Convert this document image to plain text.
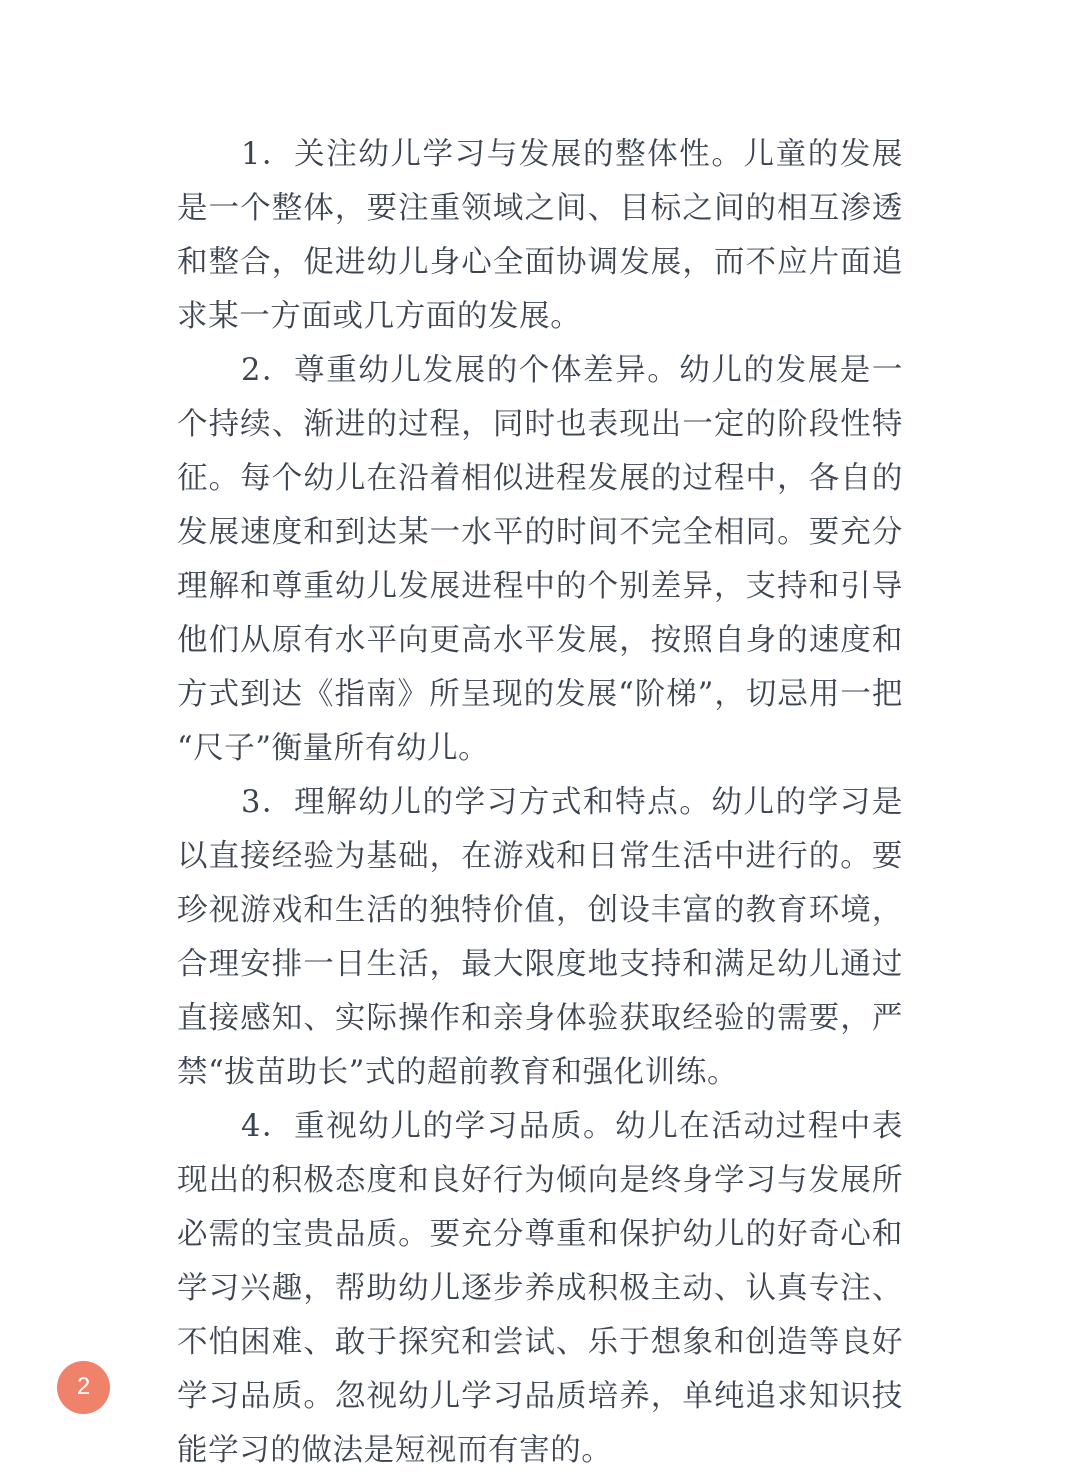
1．关注幼儿学习与发展的整体性。儿童的发展是一个整体，要注重领域之间、目标之间的相互渗透和整合，促进幼儿身心全面协调发展，而不应片面追求某一方面或几方面的发展。

2．尊重幼儿发展的个体差异。幼儿的发展是一个持续、渐进的过程，同时也表现出一定的阶段性特征。每个幼儿在沿着相似进程发展的过程中，各自的发展速度和到达某一水平的时间不完全相同。要充分理解和尊重幼儿发展进程中的个别差异，支持和引导他们从原有水平向更高水平发展，按照自身的速度和方式到达《指南》所呈现的发展“阶梯”，切忌用一把“尺子”衡量所有幼儿。

3．理解幼儿的学习方式和特点。幼儿的学习是以直接经验为基础，在游戏和日常生活中进行的。要珍视游戏和生活的独特价值，创设丰富的教育环境，合理安排一日生活，最大限度地支持和满足幼儿通过直接感知、实际操作和亲身体验获取经验的需要，严禁“拔苗助长”式的超前教育和强化训练。

4．重视幼儿的学习品质。幼儿在活动过程中表现出的积极态度和良好行为倾向是终身学习与发展所必需的宝贵品质。要充分尊重和保护幼儿的好奇心和学习兴趣，帮助幼儿逐步养成积极主动、认真专注、不怕困难、敢于探究和尝试、乐于想象和创造等良好学习品质。忽视幼儿学习品质培养，单纯追求知识技能学习的做法是短视而有害的。

2
